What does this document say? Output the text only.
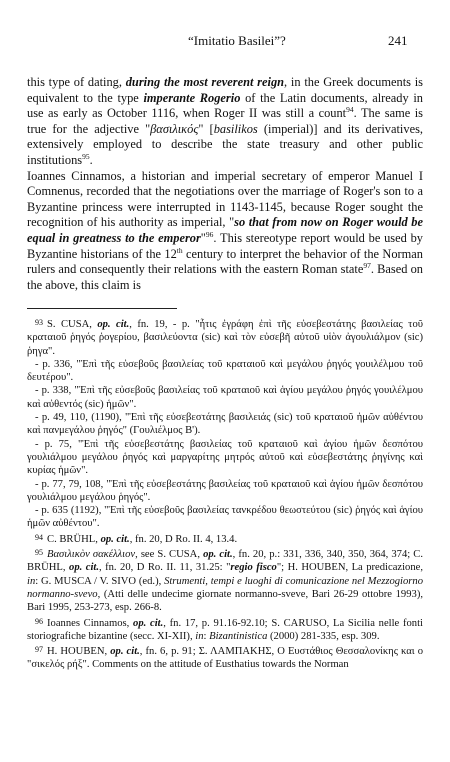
“Imitatio Basilei”?	241

this type of dating, during the most reverent reign, in the Greek documents is equivalent to the type imperante Rogerio of the Latin documents, already in use as early as October 1116, when Roger II was still a count$^{94}$. The same is true for the adjective "βασιλικός" [basilikos (imperial)] and its derivatives, extensively employed to describe the state treasury and other public institutions$^{95}$.

Ioannes Cinnamos, a historian and imperial secretary of emperor Manuel I Comnenus, recorded that the negotiations over the marriage of Roger's son to a Byzantine princess were interrupted in 1143-1145, because Roger sought the recognition of his authority as imperial, "so that from now on Roger would be equal in greatness to the emperor"$^{96}$. This stereotype report would be used by Byzantine historians of the 12th century to interpret the behavior of the Norman rulers and consequently their relations with the eastern Roman state$^{97}$. Based on the above, this claim is

93 S. CUSA, op. cit., fn. 19, - p. "ἦτις ἐγράφη ἐπὶ τῆς εὐσεβεστάτης βασιλείας τοῦ κραταιοῦ ῥηγός ῥογερίου, βασιλεύοντα (sic) καὶ τὸν εὐσεβῆ αὐτοῦ υἱὸν ἀγουλιάλμον (sic) ῥηγα".

- p. 336, "Ἐπὶ τῆς εὐσεβοῦς βασιλείας τοῦ κραταιοῦ καὶ μεγάλου ῥηγός γουιλέλμου τοῦ δευτέρου".

- p. 338, "Ἐπὶ τῆς εὐσεβοῦς βασιλείας τοῦ κραταιοῦ καὶ ἁγίου μεγάλου ῥηγός γουιλέλμου καὶ αὐθεντός (sic) ἡμῶν".

- p. 49, 110, (1190), "Ἐπὶ τῆς εὐσεβεστάτης βασιλειάς (sic) τοῦ κραταιοῦ ἡμῶν αὐθέντου καὶ πανμεγάλου ῥηγός" (Γουλιέλμος Β').

- p. 75, "Ἐπὶ τῆς εὐσεβεστάτης βασιλείας τοῦ κραταιοῦ καὶ ἁγίου ἡμῶν δεσπότου γουλιάλμου μεγάλου ῥηγός καὶ μαργαρίτης μητρός αὐτοῦ καὶ εὐσεβεστάτης ῥηγίνης καὶ κυρίας ἡμῶν".

- p. 77, 79, 108, "Ἐπὶ τῆς εὐσεβεστάτης βασιλείας τοῦ κραταιοῦ καὶ ἁγίου ἡμῶν δεσπότου γουλιάλμου μεγάλου ῥηγός".

- p. 635 (1192), "Ἐπὶ τῆς εὐσεβοῦς βασιλείας τανκρέδου θεωστεύτου (sic) ῥηγός καὶ ἁγίου ἡμῶν αὐθέντου".

94 C. BRÜHL, op. cit., fn. 20, D Ro. II. 4, 13.4.

95 Βασιλικὸν σακέλλιον, see S. CUSA, op. cit., fn. 20, p.: 331, 336, 340, 350, 364, 374; C. BRÜHL, op. cit., fn. 20, D Ro. II. 11, 31.25: "regio fisco"; H. HOUBEN, La predicazione, in: G. MUSCA / V. SIVO (ed.), Strumenti, tempi e luoghi di comunicazione nel Mezzogiorno normanno-svevo, (Atti delle undecime giornate normanno-sveve, Bari 26-29 ottobre 1993), Bari 1995, 253-273, esp. 266-8.

96 Ioannes Cinnamos, op. cit., fn. 17, p. 91.16-92.10; S. CARUSO, La Sicilia nelle fonti storiografiche bizantine (secc. XI-XII), in: Bizantinistica (2000) 281-335, esp. 309.

97 H. HOUBEN, op. cit., fn. 6, p. 91; Σ. ΛΑΜΠΑΚΗΣ, Ο Ευστάθιος Θεσσαλονίκης και ο "σικελός ρήξ". Comments on the attitude of Eusthatius towards the Norman
